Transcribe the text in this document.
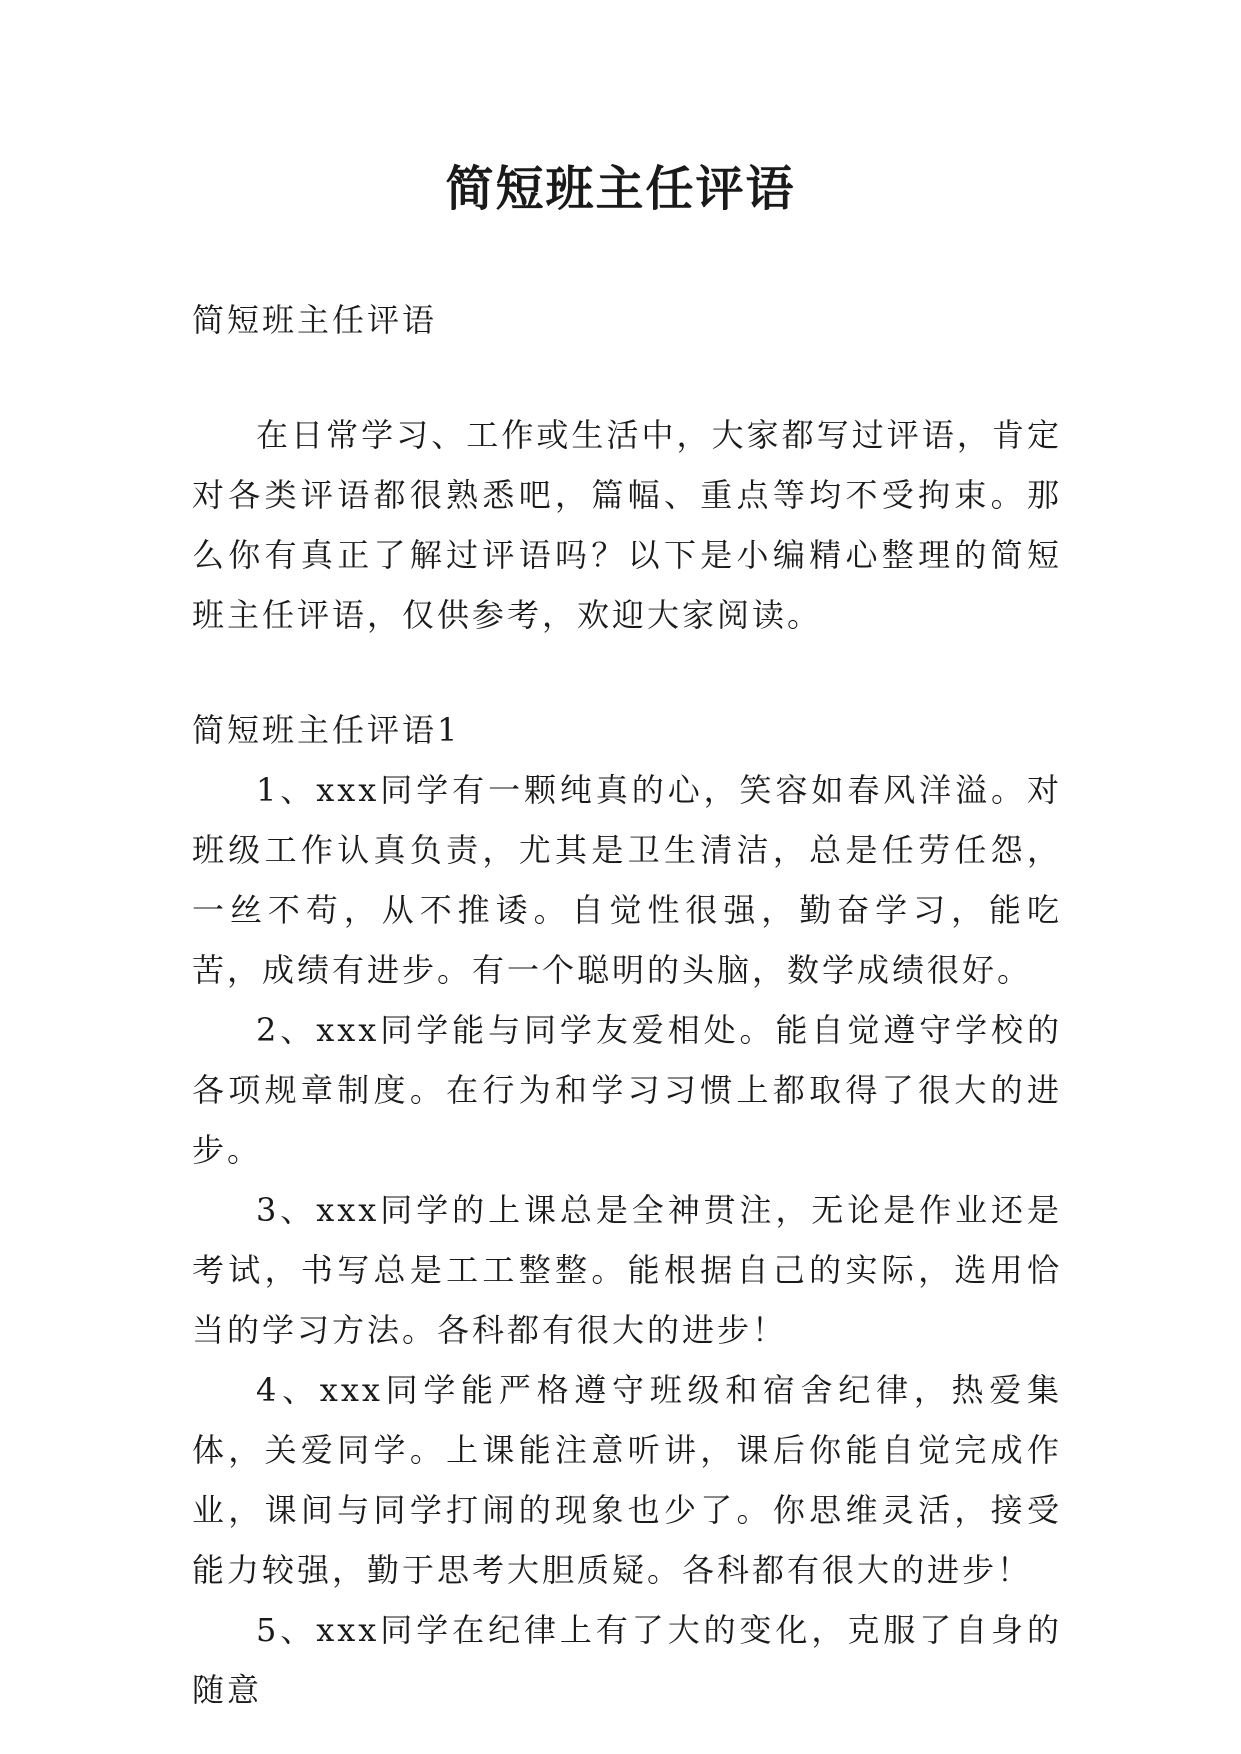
简短班主任评语

简短班主任评语

在日常学习、工作或生活中，大家都写过评语，肯定对各类评语都很熟悉吧，篇幅、重点等均不受拘束。那么你有真正了解过评语吗？以下是小编精心整理的简短班主任评语，仅供参考，欢迎大家阅读。

简短班主任评语1

1、xxx同学有一颗纯真的心，笑容如春风洋溢。对班级工作认真负责，尤其是卫生清洁，总是任劳任怨，一丝不苟，从不推诿。自觉性很强，勤奋学习，能吃苦，成绩有进步。有一个聪明的头脑，数学成绩很好。

2、xxx同学能与同学友爱相处。能自觉遵守学校的各项规章制度。在行为和学习习惯上都取得了很大的进步。

3、xxx同学的上课总是全神贯注，无论是作业还是考试，书写总是工工整整。能根据自己的实际，选用恰当的学习方法。各科都有很大的进步！

4、xxx同学能严格遵守班级和宿舍纪律，热爱集体，关爱同学。上课能注意听讲，课后你能自觉完成作业，课间与同学打闹的现象也少了。你思维灵活，接受能力较强，勤于思考大胆质疑。各科都有很大的进步！

5、xxx同学在纪律上有了大的变化，克服了自身的随意
